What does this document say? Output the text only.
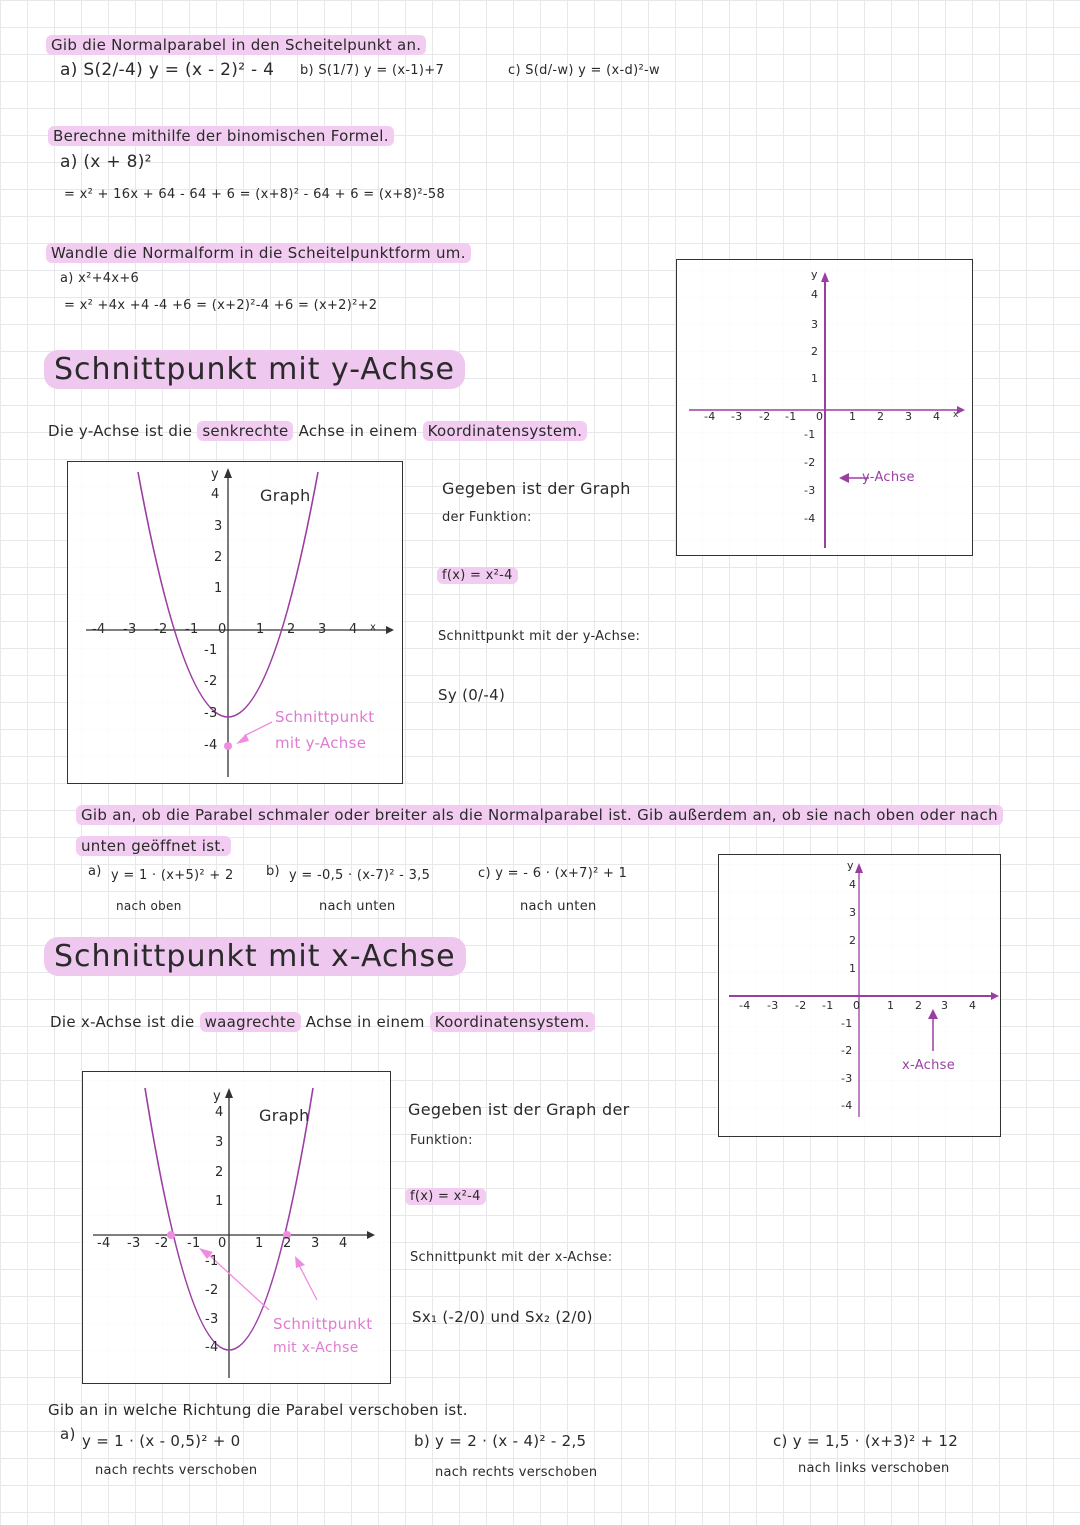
Gib die Normalparabel in den Scheitelpunkt an.
a) S(2/-4) y = (x - 2)² - 4 b) S(1/7) y = (x-1)+7	c) S(d/-w) y = (x-d)²-w
Berechne mithilfe der binomischen Formel.
a) (x + 8)²
= x² + 16x + 64 - 64 + 6 = (x+8)² - 64 + 6 = (x+8)²-58
Wandle die Normalform in die Scheitelpunktform um.
a) x²+4x+6
= x² +4x +4 -4 +6 = (x+2)²-4 +6 = (x+2)²+2
Schnittpunkt mit y-Achse
Die y-Achse ist die senkrechte Achse in einem Koordinatensystem.
Graph
Schnittpunkt
mit y-Achse
y
4
3
2
1
-1
-2
-3
-4
-4 -3 -2 -1 0 1 2 3 4 x
Gegeben ist der Graph
der Funktion:
f(x) = x²-4
Schnittpunkt mit der y-Achse:
Sy (0/-4)
y-Achse
y
4
3
2
1
-1
-2
-3
-4
-4 -3 -2 -1 0 1 2 3 4 x
Gib an, ob die Parabel schmaler oder breiter als die Normalparabel ist. Gib außerdem an, ob sie nach oben oder nach
unten geöffnet ist.
a) y = 1 · (x+5)² + 2
nach oben
b) y = -0,5 · (x-7)² - 3,5
nach unten
c) y = - 6 · (x+7)² + 1
nach unten
Schnittpunkt mit x-Achse
Die x-Achse ist die waagrechte Achse in einem Koordinatensystem.
x-Achse
y
4
3
2
1
-1
-2
-3
-4
-4 -3 -2 -1 0 1 2 3 4
Graph
Schnittpunkt
mit x-Achse
y
4
3
2
1
-1
-2
-3
-4
-4 -3 -2 -1 0 1 2 3 4
Gegeben ist der Graph der
Funktion:
f(x) = x²-4
Schnittpunkt mit der x-Achse:
Sx₁ (-2/0) und Sx₂ (2/0)
Gib an in welche Richtung die Parabel verschoben ist.
a) y = 1 · (x - 0,5)² + 0
nach rechts verschoben
b) y = 2 · (x - 4)² - 2,5
nach rechts verschoben
c) y = 1,5 · (x+3)² + 12
nach links verschoben
